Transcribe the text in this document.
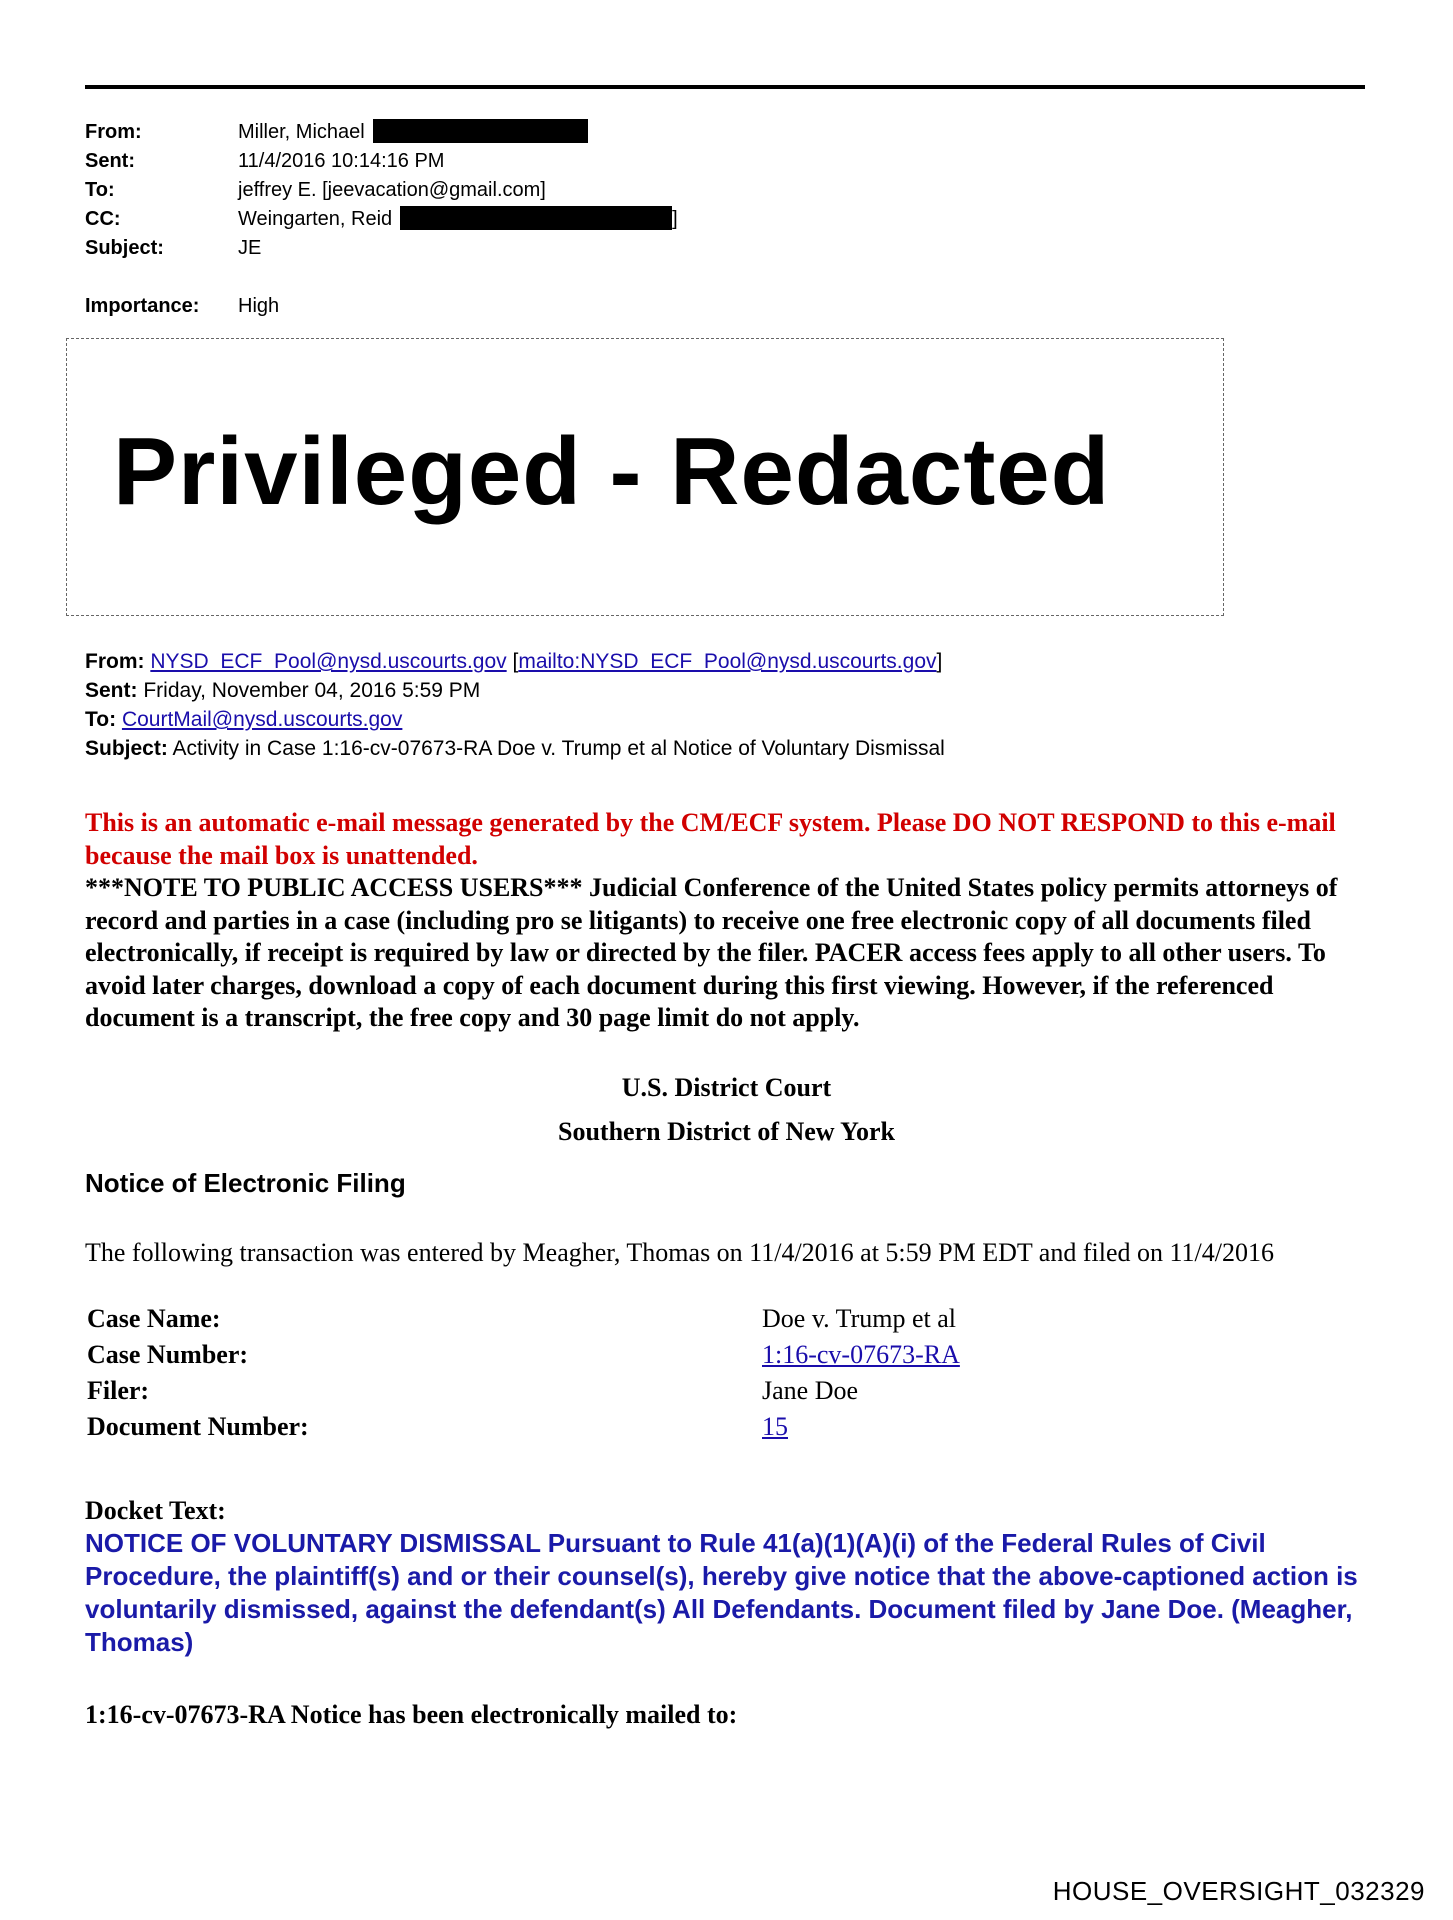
From:	Miller, Michael
Sent:	11/4/2016 10:14:16 PM
To:	jeffrey E. [jeevacation@gmail.com]
CC:	Weingarten, Reid	]
Subject:	JE
Importance: High
Privileged - Redacted
From: NYSD_ECF_Pool@nysd.uscourts.gov [mailto:NYSD_ECF_Pool@nysd.uscourts.gov]
Sent: Friday, November 04, 2016 5:59 PM
To: CourtMail@nysd.uscourts.gov
Subject: Activity in Case 1:16-cv-07673-RA Doe v. Trump et al Notice of Voluntary Dismissal
This is an automatic e-mail message generated by the CM/ECF system. Please DO NOT RESPOND to this e-mail because the mail box is unattended.
***NOTE TO PUBLIC ACCESS USERS*** Judicial Conference of the United States policy permits attorneys of record and parties in a case (including pro se litigants) to receive one free electronic copy of all documents filed electronically, if receipt is required by law or directed by the filer. PACER access fees apply to all other users. To avoid later charges, download a copy of each document during this first viewing. However, if the referenced document is a transcript, the free copy and 30 page limit do not apply.
U.S. District Court
Southern District of New York
Notice of Electronic Filing
The following transaction was entered by Meagher, Thomas on 11/4/2016 at 5:59 PM EDT and filed on 11/4/2016
Case Name:	Doe v. Trump et al
Case Number:	1:16-cv-07673-RA
Filer:	Jane Doe
Document Number:	15
Docket Text:
NOTICE OF VOLUNTARY DISMISSAL Pursuant to Rule 41(a)(1)(A)(i) of the Federal Rules of Civil Procedure, the plaintiff(s) and or their counsel(s), hereby give notice that the above-captioned action is voluntarily dismissed, against the defendant(s) All Defendants. Document filed by Jane Doe. (Meagher, Thomas)
1:16-cv-07673-RA Notice has been electronically mailed to:
HOUSE_OVERSIGHT_032329
